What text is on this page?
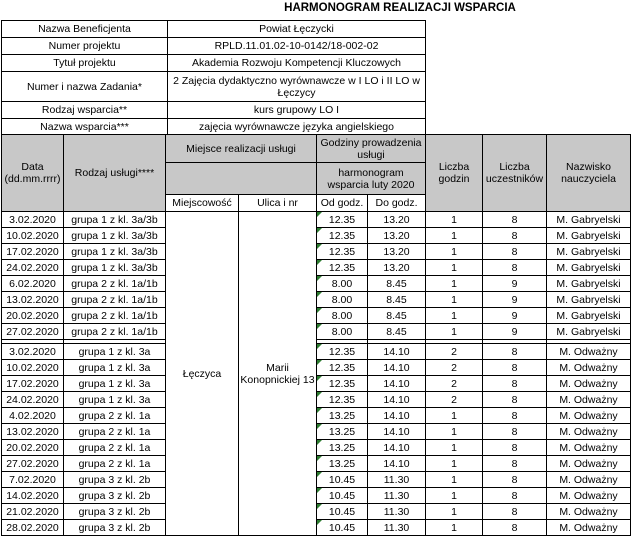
HARMONOGRAM REALIZACJI WSPARCIA
Nazwa Beneficjenta	Powiat Łęczycki
Numer projektu	RPLD.11.01.02-10-0142/18-002-02
Tytuł projektu	Akademia Rozwoju Kompetencji Kluczowych
Numer i nazwa Zadania*	2 Zajęcia dydaktyczno wyrównawcze w I LO i II LO w Łęczycy
Rodzaj wsparcia**	kurs grupowy LO I
Nazwa wsparcia***	zajęcia wyrównawcze języka angielskiego
Data (dd.mm.rrrr)	Rodzaj usługi****	Miejsce realizacji usługi		Godziny prowadzenia usługi		Liczba godzin	Liczba uczestników	Nazwisko nauczyciela
				harmonogram wsparcia luty 2020				
		Miejscowość	Ulica i nr	Od godz.	Do godz.			
3.02.2020	grupa 1 z kl. 3a/3b	Łęczyca	Marii Konopnickiej 13	12.35	13.20	1	8	M. Gabryelski
10.02.2020	grupa 1 z kl. 3a/3b			12.35	13.20	1	8	M. Gabryelski
17.02.2020	grupa 1 z kl. 3a/3b			12.35	13.20	1	8	M. Gabryelski
24.02.2020	grupa 1 z kl. 3a/3b			12.35	13.20	1	8	M. Gabryelski
6.02.2020	grupa 2 z kl. 1a/1b			8.00	8.45	1	9	M. Gabryelski
13.02.2020	grupa 2 z kl. 1a/1b			8.00	8.45	1	9	M. Gabryelski
20.02.2020	grupa 2 z kl. 1a/1b			8.00	8.45	1	9	M. Gabryelski
27.02.2020	grupa 2 z kl. 1a/1b			8.00	8.45	1	9	M. Gabryelski

3.02.2020	grupa 1 z kl. 3a			12.35	14.10	2	8	M. Odważny
10.02.2020	grupa 1 z kl. 3a			12.35	14.10	2	8	M. Odważny
17.02.2020	grupa 1 z kl. 3a			12.35	14.10	2	8	M. Odważny
24.02.2020	grupa 1 z kl. 3a			12.35	14.10	2	8	M. Odważny
4.02.2020	grupa 2 z kl. 1a			13.25	14.10	1	8	M. Odważny
13.02.2020	grupa 2 z kl. 1a			13.25	14.10	1	8	M. Odważny
20.02.2020	grupa 2 z kl. 1a			13.25	14.10	1	8	M. Odważny
27.02.2020	grupa 2 z kl. 1a			13.25	14.10	1	8	M. Odważny
7.02.2020	grupa 3 z kl. 2b			10.45	11.30	1	8	M. Odważny
14.02.2020	grupa 3 z kl. 2b			10.45	11.30	1	8	M. Odważny
21.02.2020	grupa 3 z kl. 2b			10.45	11.30	1	8	M. Odważny
28.02.2020	grupa 3 z kl. 2b			10.45	11.30	1	8	M. Odważny
